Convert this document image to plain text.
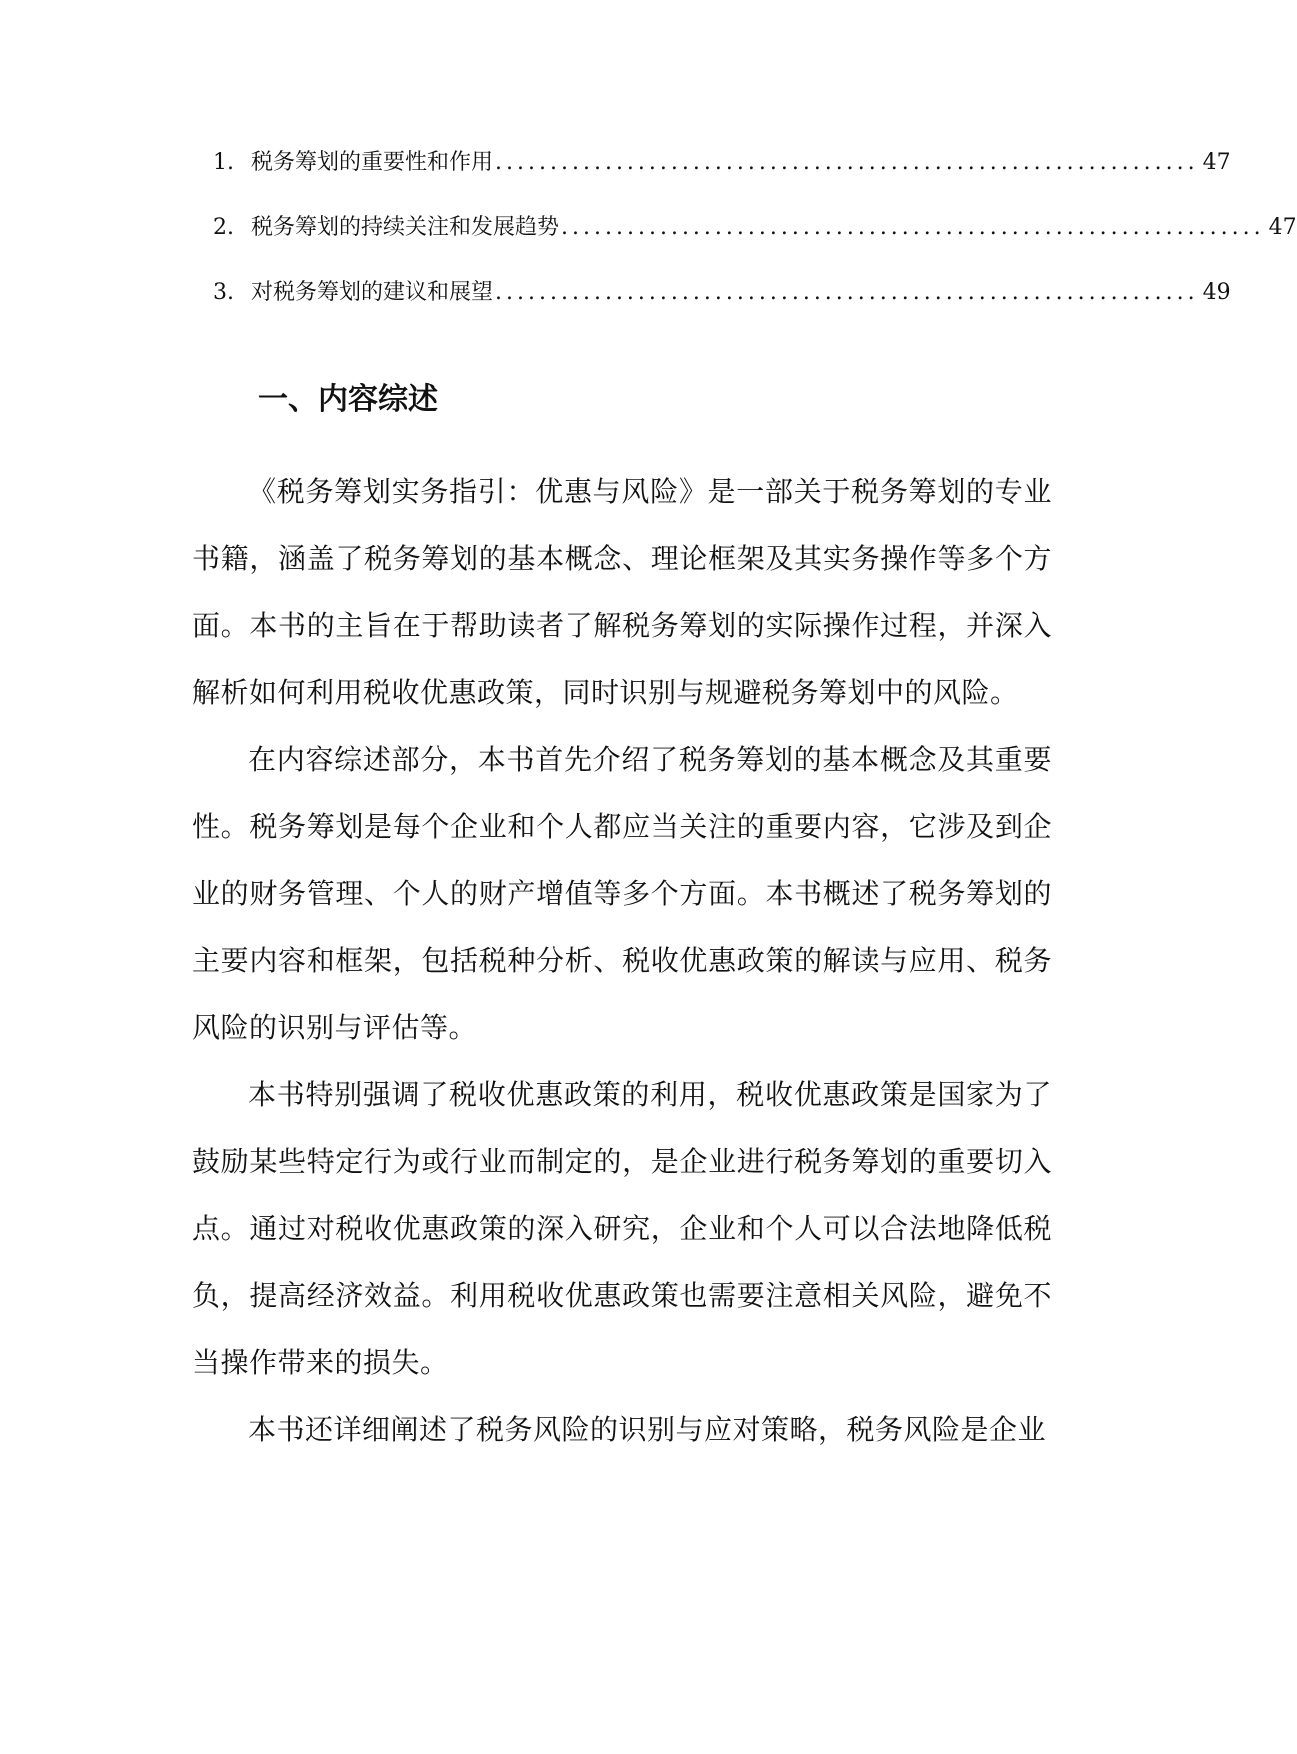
1. 税务筹划的重要性和作用 ................................................................ 47
2. 税务筹划的持续关注和发展趋势 ................................................................ 47
3. 对税务筹划的建议和展望 ................................................................ 49
一、内容综述

《税务筹划实务指引：优惠与风险》是一部关于税务筹划的专业书籍，涵盖了税务筹划的基本概念、理论框架及其实务操作等多个方面。本书的主旨在于帮助读者了解税务筹划的实际操作过程，并深入解析如何利用税收优惠政策，同时识别与规避税务筹划中的风险。

在内容综述部分，本书首先介绍了税务筹划的基本概念及其重要性。税务筹划是每个企业和个人都应当关注的重要内容，它涉及到企业的财务管理、个人的财产增值等多个方面。本书概述了税务筹划的主要内容和框架，包括税种分析、税收优惠政策的解读与应用、税务风险的识别与评估等。

本书特别强调了税收优惠政策的利用，税收优惠政策是国家为了鼓励某些特定行为或行业而制定的，是企业进行税务筹划的重要切入点。通过对税收优惠政策的深入研究，企业和个人可以合法地降低税负，提高经济效益。利用税收优惠政策也需要注意相关风险，避免不当操作带来的损失。

本书还详细阐述了税务风险的识别与应对策略，税务风险是企业
